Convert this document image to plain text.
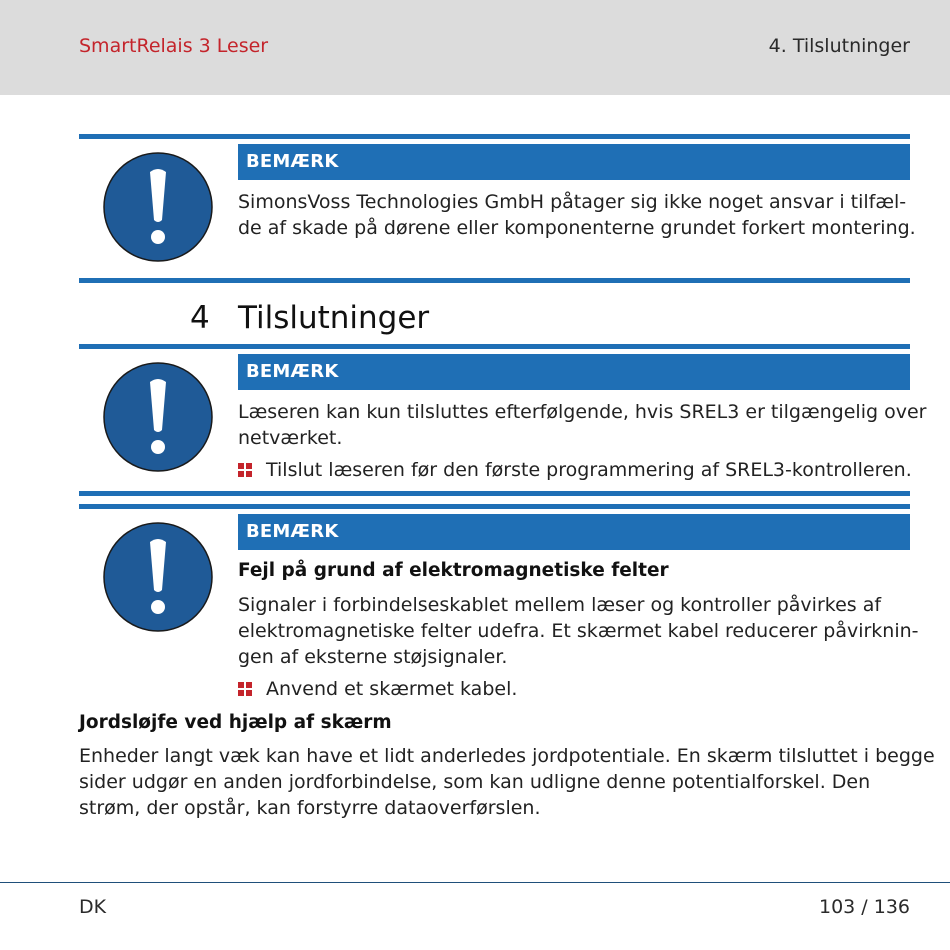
SmartRelais 3 Leser	4. Tilslutninger
BEMÆRK
SimonsVoss Technologies GmbH påtager sig ikke noget ansvar i tilfæl-
de af skade på dørene eller komponenterne grundet forkert montering.
4 Tilslutninger
BEMÆRK
Læseren kan kun tilsluttes efterfølgende, hvis SREL3 er tilgængelig over
netværket.
Tilslut læseren før den første programmering af SREL3-kontrolleren.
BEMÆRK
Fejl på grund af elektromagnetiske felter
Signaler i forbindelseskablet mellem læser og kontroller påvirkes af
elektromagnetiske felter udefra. Et skærmet kabel reducerer påvirknin-
gen af eksterne støjsignaler.
Anvend et skærmet kabel.
Jordsløjfe ved hjælp af skærm
Enheder langt væk kan have et lidt anderledes jordpotentiale. En skærm tilsluttet i begge
sider udgør en anden jordforbindelse, som kan udligne denne potentialforskel. Den
strøm, der opstår, kan forstyrre dataoverførslen.
DK	103 / 136
